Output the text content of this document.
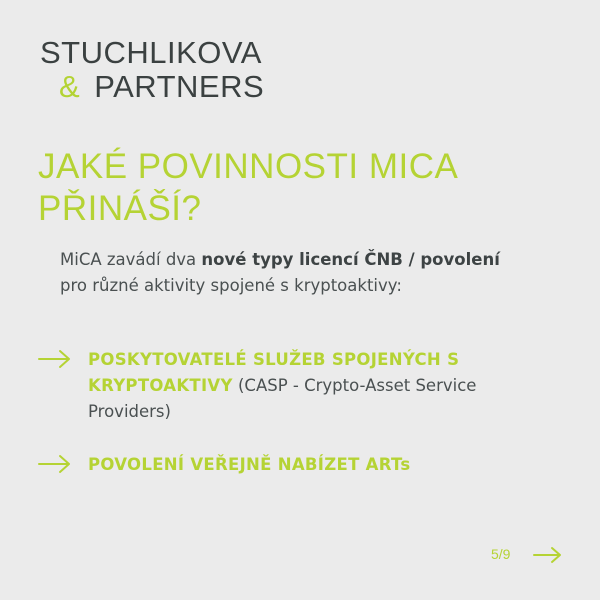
STUCHLIKOVA
& PARTNERS
JAKÉ POVINNOSTI MICA
PŘINÁŠÍ?

MiCA zavádí dva nové typy licencí ČNB / povolení pro různé aktivity spojené s kryptoaktivy:

POSKYTOVATELÉ SLUŽEB SPOJENÝCH S KRYPTOAKTIVY (CASP - Crypto-Asset Service Providers)
POVOLENÍ VEŘEJNĚ NABÍZET ARTs
5/9
